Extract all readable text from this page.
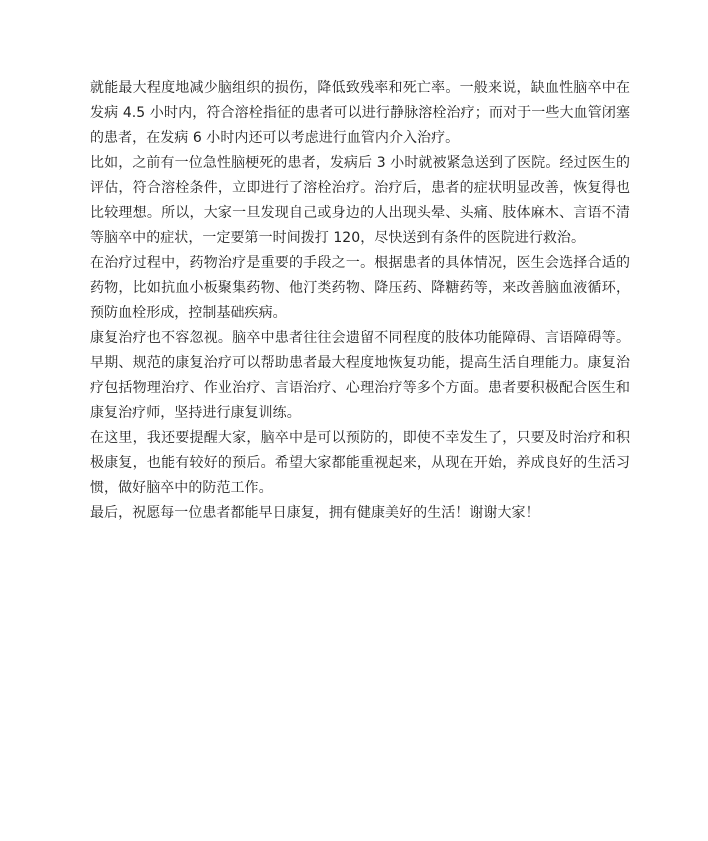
就能最大程度地减少脑组织的损伤，降低致残率和死亡率。一般来说，缺血性脑卒中在发病 4.5 小时内，符合溶栓指征的患者可以进行静脉溶栓治疗；而对于一些大血管闭塞的患者，在发病 6 小时内还可以考虑进行血管内介入治疗。

比如，之前有一位急性脑梗死的患者，发病后 3 小时就被紧急送到了医院。经过医生的评估，符合溶栓条件，立即进行了溶栓治疗。治疗后，患者的症状明显改善，恢复得也比较理想。所以，大家一旦发现自己或身边的人出现头晕、头痛、肢体麻木、言语不清等脑卒中的症状，一定要第一时间拨打 120，尽快送到有条件的医院进行救治。

在治疗过程中，药物治疗是重要的手段之一。根据患者的具体情况，医生会选择合适的药物，比如抗血小板聚集药物、他汀类药物、降压药、降糖药等，来改善脑血液循环，预防血栓形成，控制基础疾病。

康复治疗也不容忽视。脑卒中患者往往会遗留不同程度的肢体功能障碍、言语障碍等。早期、规范的康复治疗可以帮助患者最大程度地恢复功能，提高生活自理能力。康复治疗包括物理治疗、作业治疗、言语治疗、心理治疗等多个方面。患者要积极配合医生和康复治疗师，坚持进行康复训练。

在这里，我还要提醒大家，脑卒中是可以预防的，即使不幸发生了，只要及时治疗和积极康复，也能有较好的预后。希望大家都能重视起来，从现在开始，养成良好的生活习惯，做好脑卒中的防范工作。

最后，祝愿每一位患者都能早日康复，拥有健康美好的生活！谢谢大家！
